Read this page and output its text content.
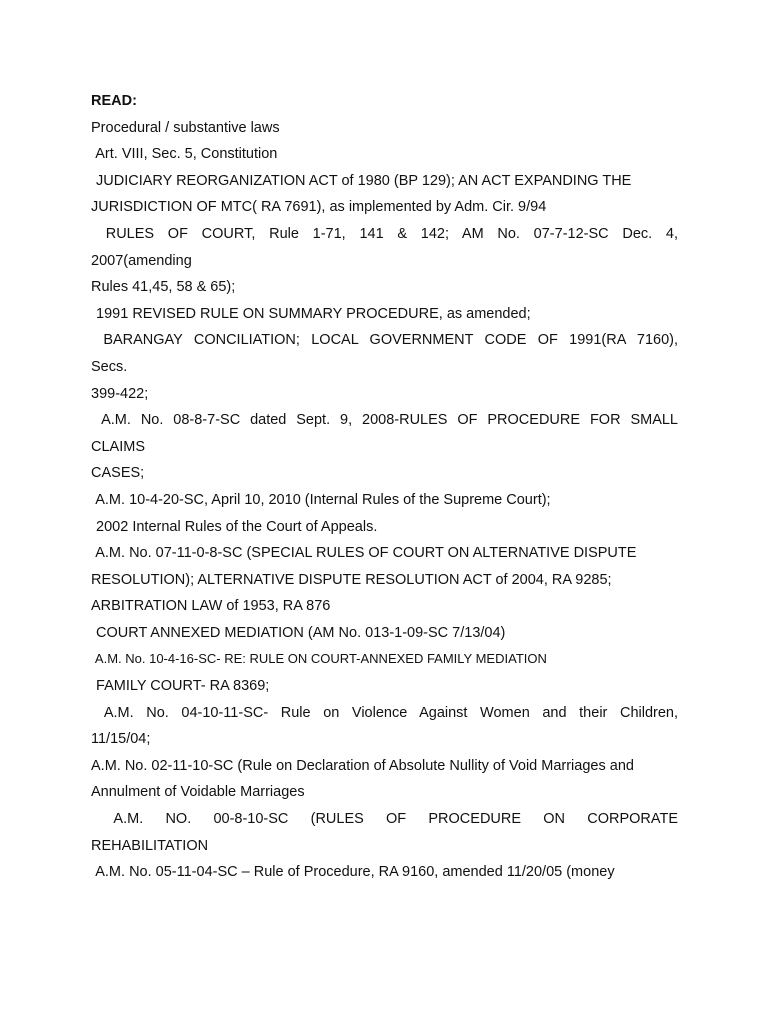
READ:
Procedural / substantive laws
Art. VIII, Sec. 5, Constitution
JUDICIARY REORGANIZATION ACT of 1980 (BP 129); AN ACT EXPANDING THE
JURISDICTION OF MTC( RA 7691), as implemented by Adm. Cir. 9/94
RULES OF COURT, Rule 1-71, 141 & 142; AM No. 07-7-12-SC Dec. 4,
2007(amending
Rules 41,45, 58 & 65);
1991 REVISED RULE ON SUMMARY PROCEDURE, as amended;
BARANGAY CONCILIATION; LOCAL GOVERNMENT CODE OF 1991(RA 7160),
Secs.
399-422;
A.M. No. 08-8-7-SC dated Sept. 9, 2008-RULES OF PROCEDURE FOR SMALL
CLAIMS
CASES;
A.M. 10-4-20-SC, April 10, 2010 (Internal Rules of the Supreme Court);
2002 Internal Rules of the Court of Appeals.
A.M. No. 07-11-0-8-SC (SPECIAL RULES OF COURT ON ALTERNATIVE DISPUTE
RESOLUTION); ALTERNATIVE DISPUTE RESOLUTION ACT of 2004, RA 9285;
ARBITRATION LAW of 1953, RA 876
COURT ANNEXED MEDIATION (AM No. 013-1-09-SC 7/13/04)
A.M. No. 10-4-16-SC- RE: RULE ON COURT-ANNEXED FAMILY MEDIATION
FAMILY COURT- RA 8369;
A.M. No. 04-10-11-SC- Rule on Violence Against Women and their Children,
11/15/04;
A.M. No. 02-11-10-SC (Rule on Declaration of Absolute Nullity of Void Marriages and
Annulment of Voidable Marriages
A.M. NO. 00-8-10-SC (RULES OF PROCEDURE ON CORPORATE
REHABILITATION
A.M. No. 05-11-04-SC – Rule of Procedure, RA 9160, amended 11/20/05 (money
